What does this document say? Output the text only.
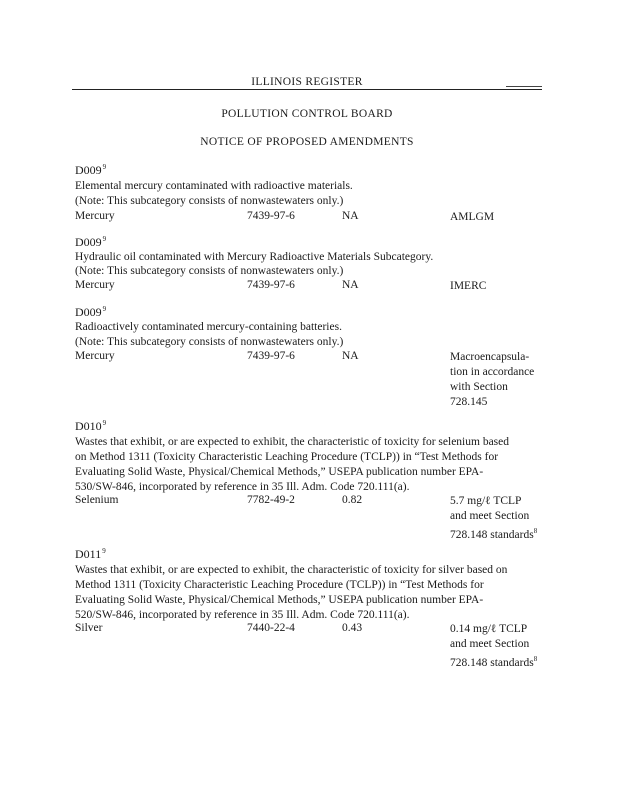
ILLINOIS REGISTER
POLLUTION CONTROL BOARD
NOTICE OF PROPOSED AMENDMENTS
$D009^9$
Elemental mercury contaminated with radioactive materials.
(Note: This subcategory consists of nonwastewaters only.)
Mercury	7439-97-6	NA	AMLGM
$D009^9$
Hydraulic oil contaminated with Mercury Radioactive Materials Subcategory.
(Note: This subcategory consists of nonwastewaters only.)
Mercury	7439-97-6	NA	IMERC
$D009^9$
Radioactively contaminated mercury-containing batteries.
(Note: This subcategory consists of nonwastewaters only.)
Mercury	7439-97-6	NA	Macroencapsula-
tion in accordance
with Section
728.145
$D010^9$
Wastes that exhibit, or are expected to exhibit, the characteristic of toxicity for selenium based
on Method 1311 (Toxicity Characteristic Leaching Procedure (TCLP)) in “Test Methods for
Evaluating Solid Waste, Physical/Chemical Methods,” USEPA publication number EPA-
530/SW-846, incorporated by reference in 35 Ill. Adm. Code 720.111(a).
Selenium	7782-49-2	0.82	5.7 mg/ℓ TCLP
and meet Section
728.148 standards$^8$
$D011^9$
Wastes that exhibit, or are expected to exhibit, the characteristic of toxicity for silver based on
Method 1311 (Toxicity Characteristic Leaching Procedure (TCLP)) in “Test Methods for
Evaluating Solid Waste, Physical/Chemical Methods,” USEPA publication number EPA-
520/SW-846, incorporated by reference in 35 Ill. Adm. Code 720.111(a).
Silver	7440-22-4	0.43	0.14 mg/ℓ TCLP
and meet Section
728.148 standards$^8$
